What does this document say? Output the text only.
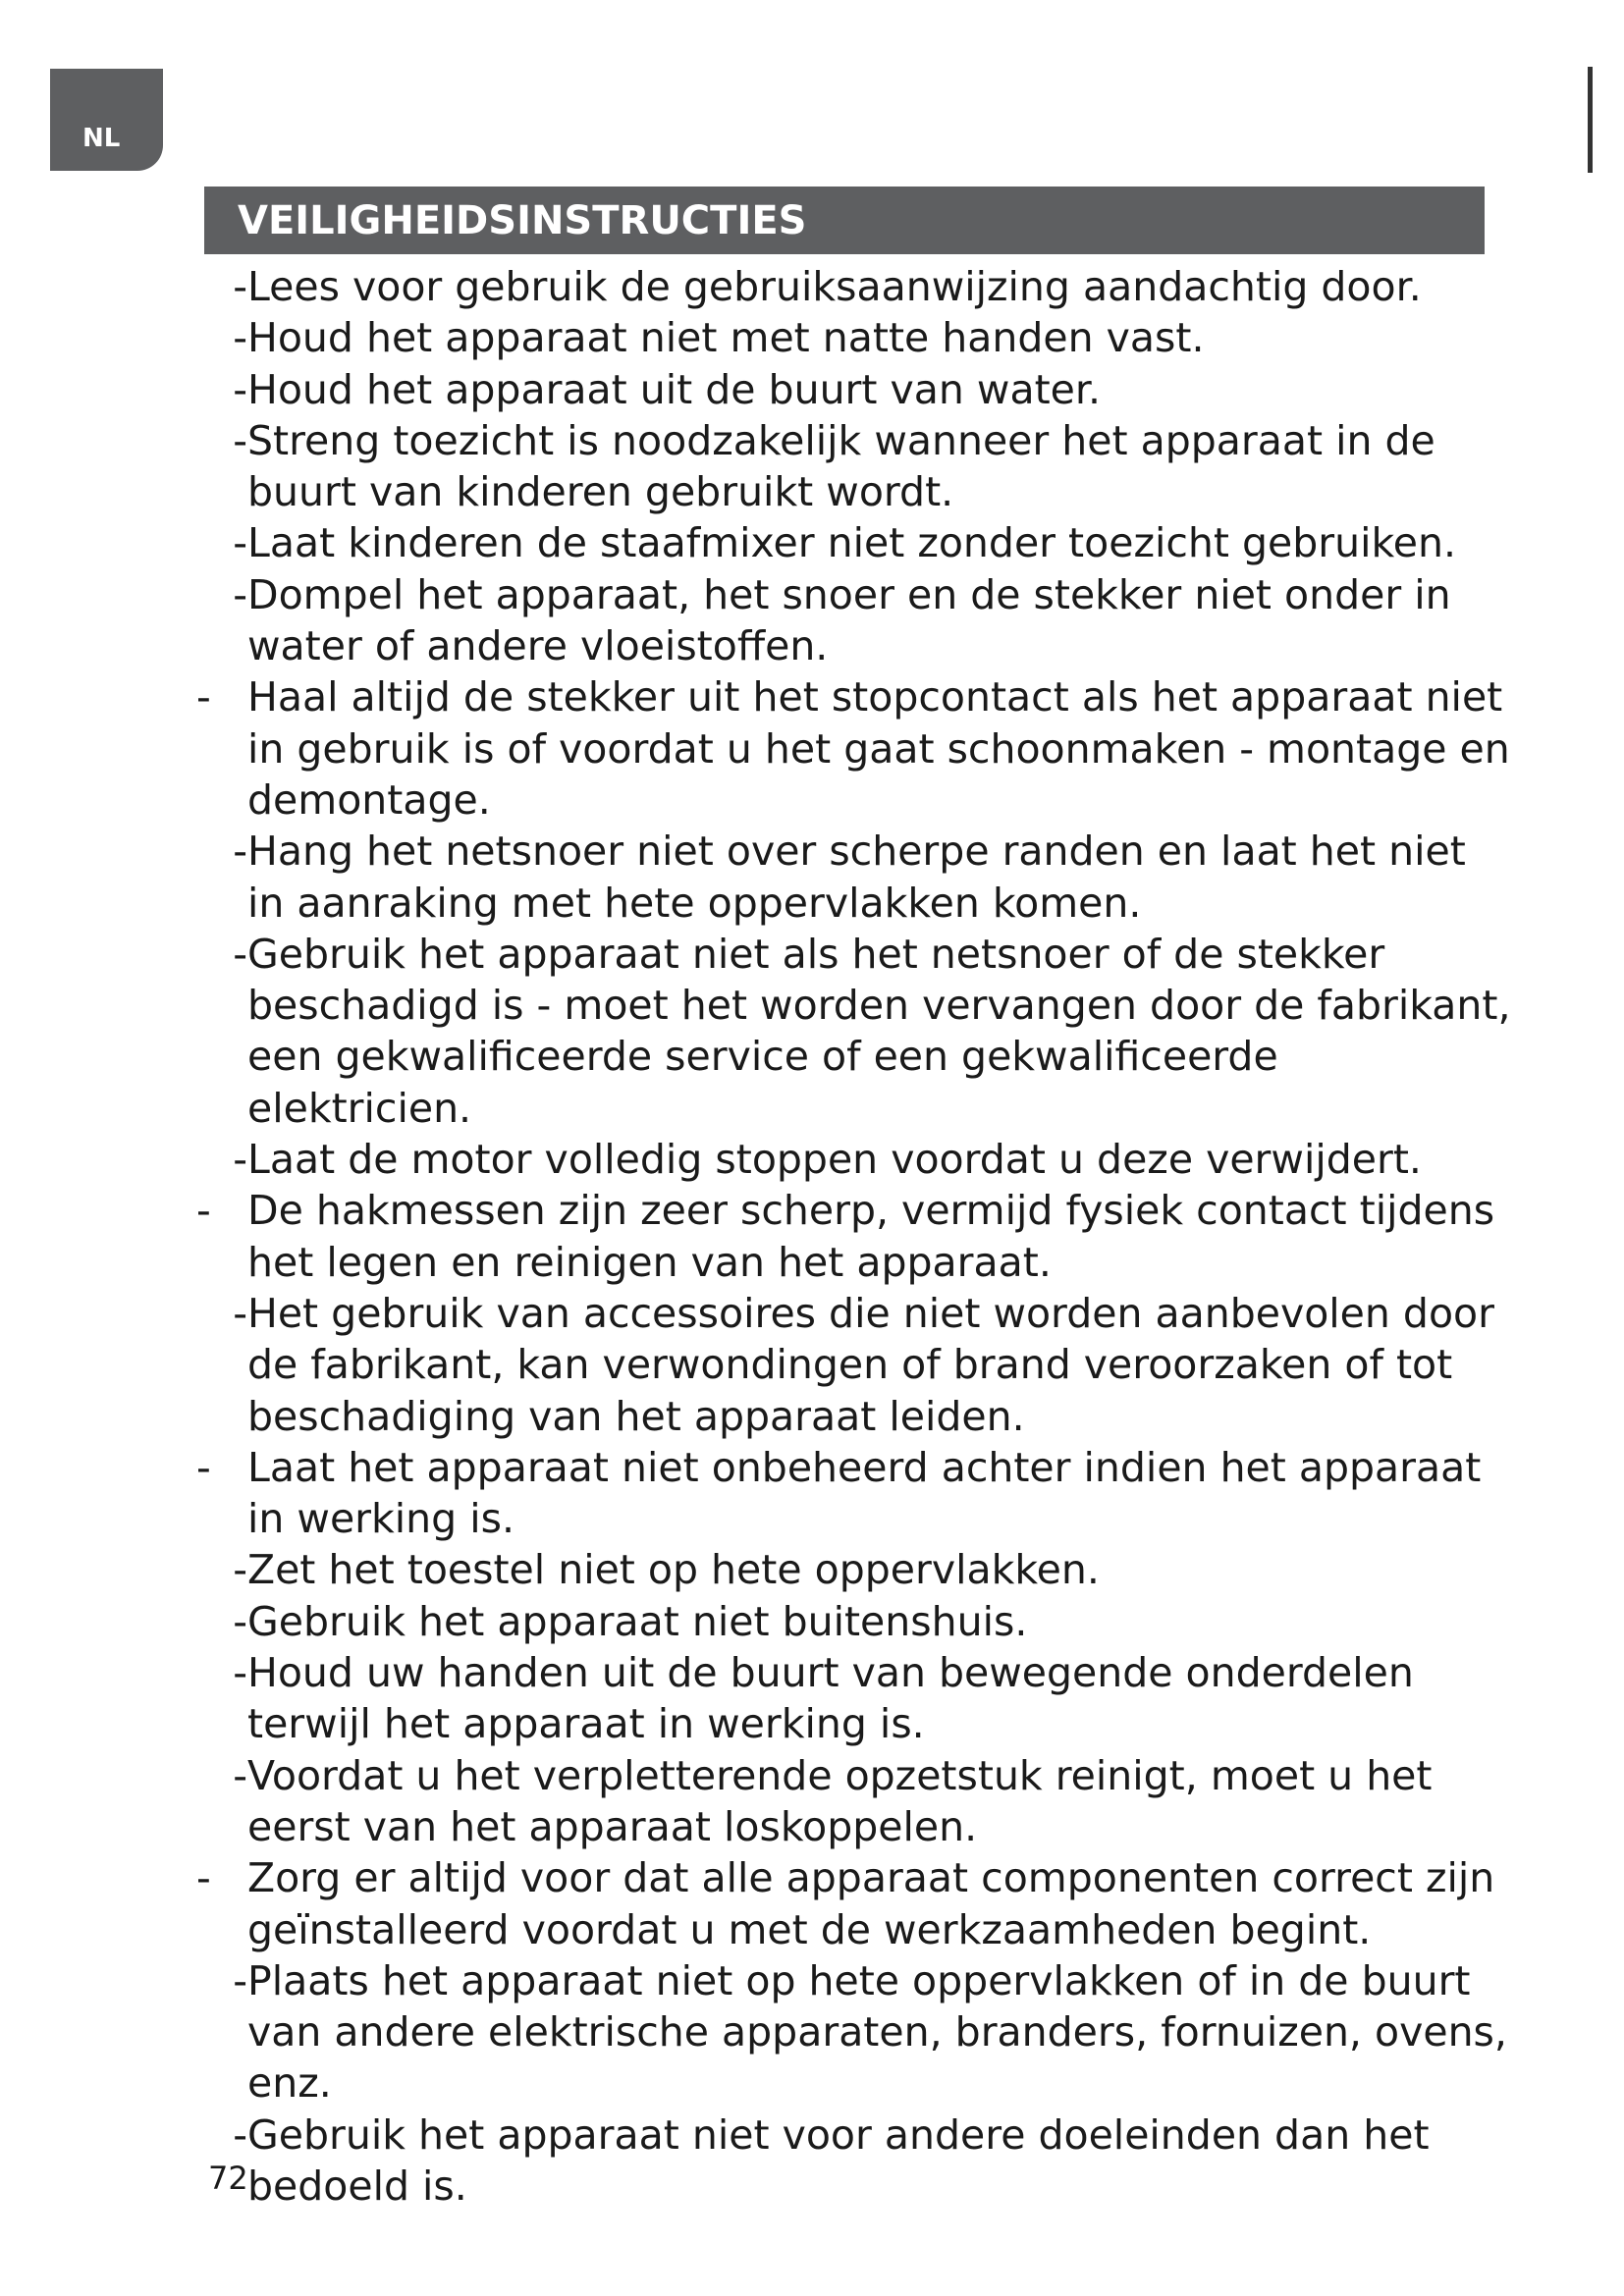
NL
VEILIGHEIDSINSTRUCTIES
- Lees voor gebruik de gebruiksaanwijzing aandachtig door.
- Houd het apparaat niet met natte handen vast.
- Houd het apparaat uit de buurt van water.
- Streng toezicht is noodzakelijk wanneer het apparaat in de buurt van kinderen gebruikt wordt.
- Laat kinderen de staafmixer niet zonder toezicht gebruiken.
- Dompel het apparaat, het snoer en de stekker niet onder in water of andere vloeistoffen.
- Haal altijd de stekker uit het stopcontact als het apparaat niet in gebruik is of voordat u het gaat schoonmaken - montage en demontage.
- Hang het netsnoer niet over scherpe randen en laat het niet in aanraking met hete oppervlakken komen.
- Gebruik het apparaat niet als het netsnoer of de stekker beschadigd is - moet het worden vervangen door de fabrikant, een gekwalificeerde service of een gekwalificeerde elektricien.
- Laat de motor volledig stoppen voordat u deze verwijdert.
- De hakmessen zijn zeer scherp, vermijd fysiek contact tijdens het legen en reinigen van het apparaat.
- Het gebruik van accessoires die niet worden aanbevolen door de fabrikant, kan verwondingen of brand veroorzaken of tot beschadiging van het apparaat leiden.
- Laat het apparaat niet onbeheerd achter indien het apparaat in werking is.
- Zet het toestel niet op hete oppervlakken.
- Gebruik het apparaat niet buitenshuis.
- Houd uw handen uit de buurt van bewegende onderdelen terwijl het apparaat in werking is.
- Voordat u het verpletterende opzetstuk reinigt, moet u het eerst van het apparaat loskoppelen.
- Zorg er altijd voor dat alle apparaat componenten correct zijn geïnstalleerd voordat u met de werkzaamheden begint.
- Plaats het apparaat niet op hete oppervlakken of in de buurt van andere elektrische apparaten, branders, fornuizen, ovens, enz.
- Gebruik het apparaat niet voor andere doeleinden dan het bedoeld is.
72
